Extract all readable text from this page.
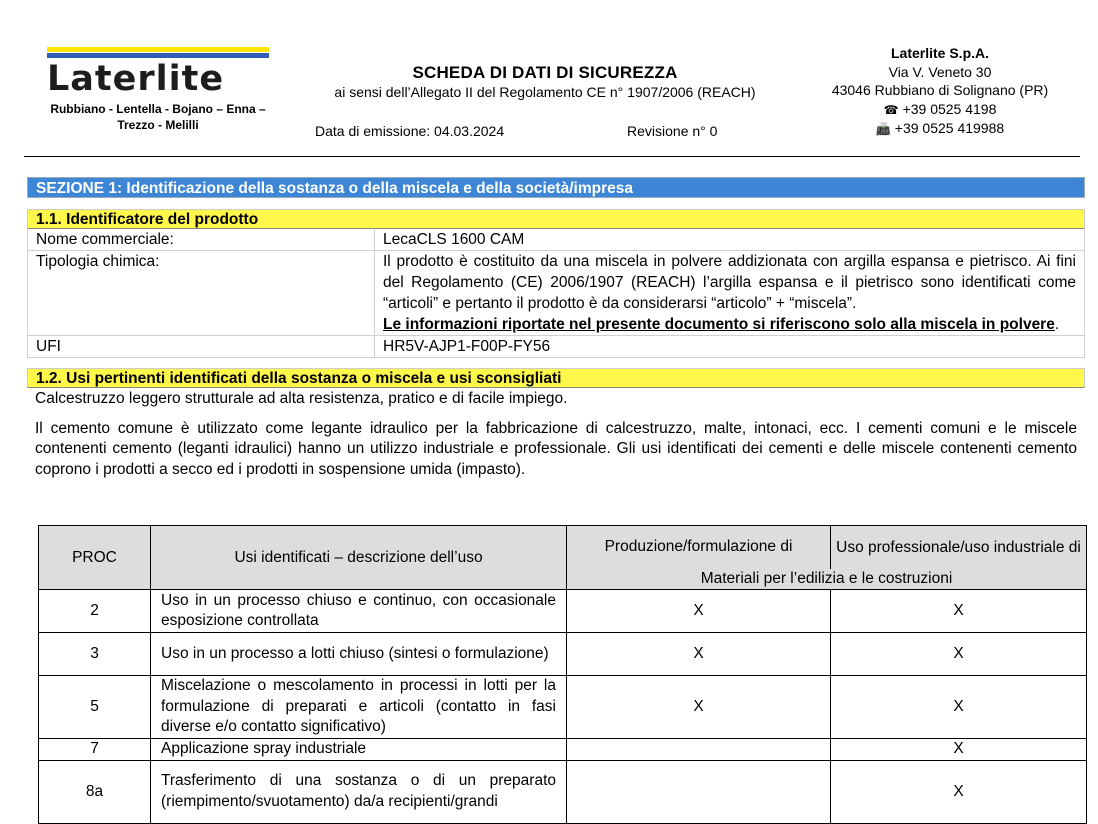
Laterlite
Rubbiano - Lentella - Bojano – Enna – Trezzo - Melilli
SCHEDA DI DATI DI SICUREZZA
ai sensi dell’Allegato II del Regolamento CE n° 1907/2006 (REACH)
Data di emissione: 04.03.2024	Revisione n° 0
Laterlite S.p.A.
Via V. Veneto 30
43046 Rubbiano di Solignano (PR)
☎ +39 0525 4198
📠 +39 0525 419988
SEZIONE 1: Identificazione della sostanza o della miscela e della società/impresa
1.1. Identificatore del prodotto
Nome commerciale:	LecaCLS 1600 CAM
Tipologia chimica:	Il prodotto è costituito da una miscela in polvere addizionata con argilla espansa e pietrisco. Ai fini del Regolamento (CE) 2006/1907 (REACH) l’argilla espansa e il pietrisco sono identificati come “articoli” e pertanto il prodotto è da considerarsi “articolo” + “miscela”.
Le informazioni riportate nel presente documento si riferiscono solo alla miscela in polvere.
UFI	HR5V-AJP1-F00P-FY56
1.2. Usi pertinenti identificati della sostanza o miscela e usi sconsigliati
Calcestruzzo leggero strutturale ad alta resistenza, pratico e di facile impiego.
Il cemento comune è utilizzato come legante idraulico per la fabbricazione di calcestruzzo, malte, intonaci, ecc. I cementi comuni e le miscele contenenti cemento (leganti idraulici) hanno un utilizzo industriale e professionale. Gli usi identificati dei cementi e delle miscele contenenti cemento coprono i prodotti a secco ed i prodotti in sospensione umida (impasto).
PROC	Usi identificati – descrizione dell’uso	Produzione/formulazione di	Uso professionale/uso industriale di
		Materiali per l’edilizia e le costruzioni	
2	Uso in un processo chiuso e continuo, con occasionale esposizione controllata	X	X
3	Uso in un processo a lotti chiuso (sintesi o formulazione)	X	X
5	Miscelazione o mescolamento in processi in lotti per la formulazione di preparati e articoli (contatto in fasi diverse e/o contatto significativo)	X	X
7	Applicazione spray industriale		X
8a	Trasferimento di una sostanza o di un preparato (riempimento/svuotamento) da/a recipienti/grandi		X
